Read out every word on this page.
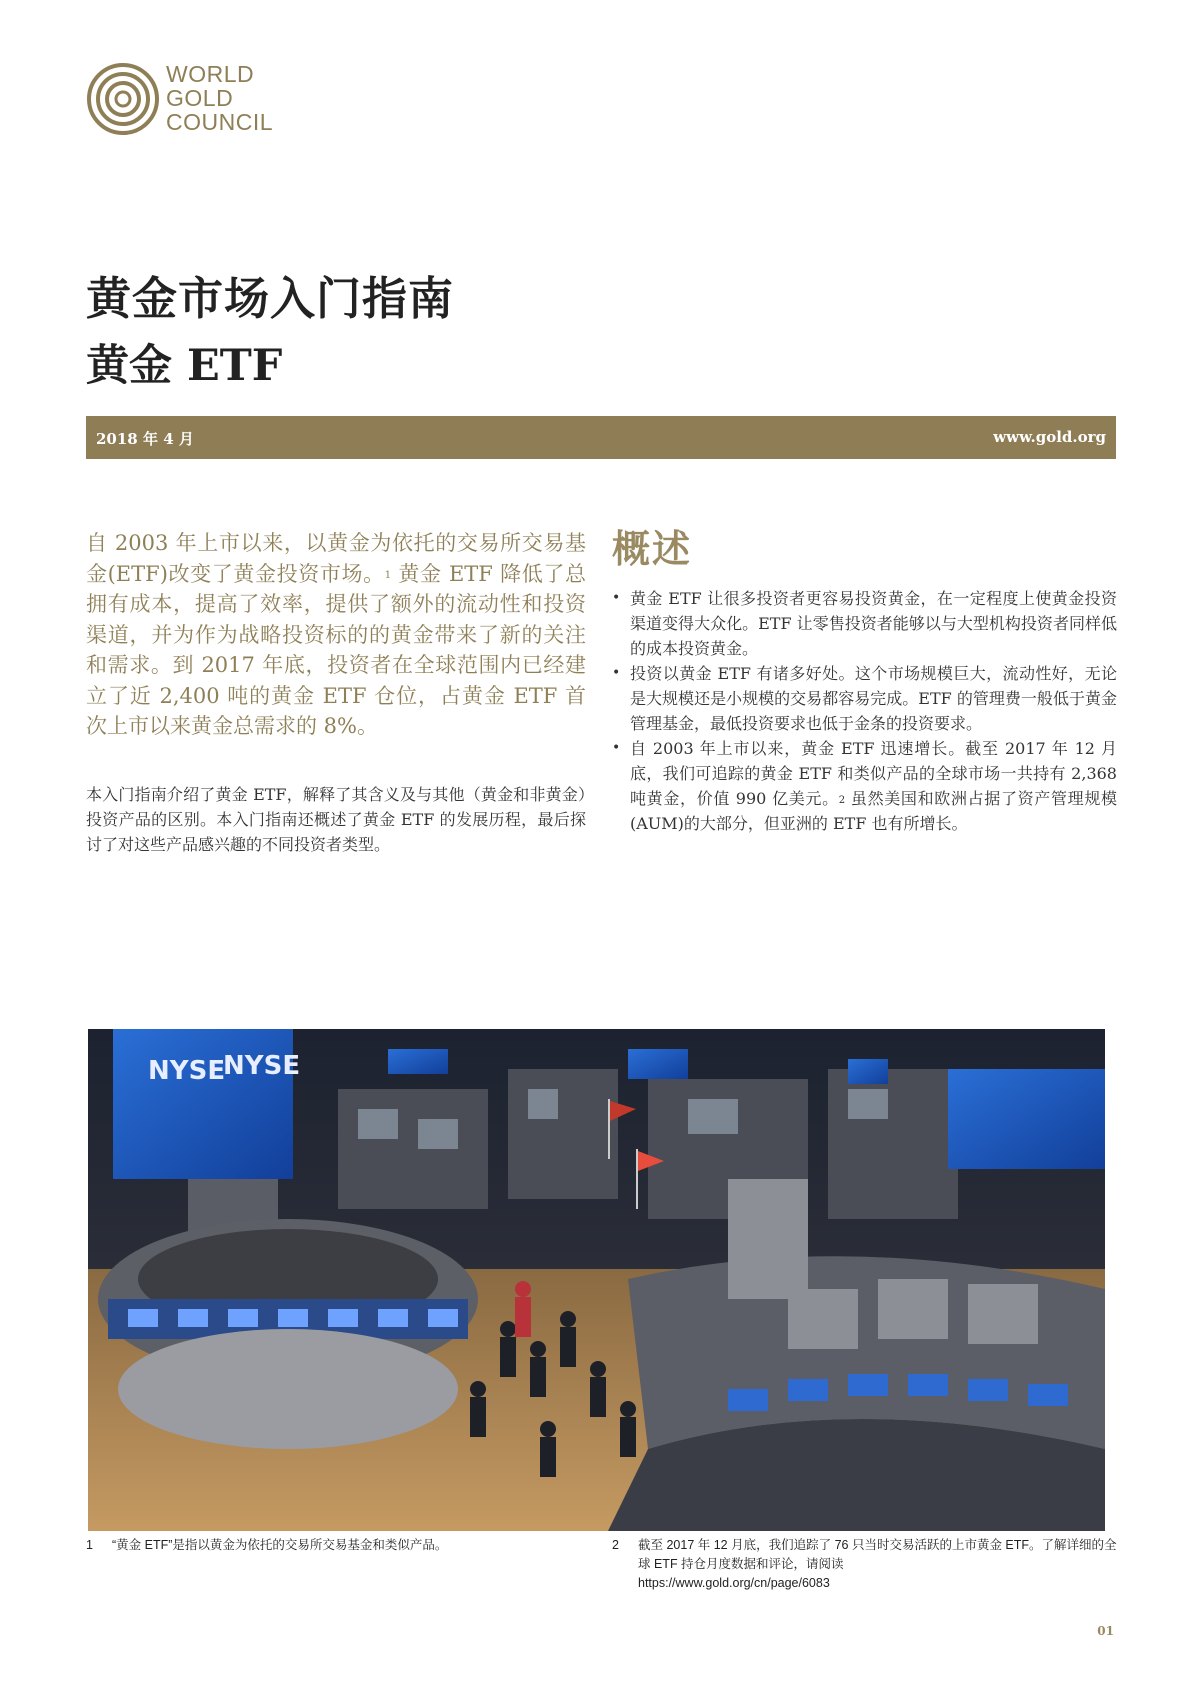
WORLD
GOLD
COUNCIL
黄金市场入门指南
黄金 ETF
2018 年 4 月	www.gold.org

自 2003 年上市以来，以黄金为依托的交易所交易基金(ETF)改变了黄金投资市场。$^1$ 黄金 ETF 降低了总拥有成本，提高了效率，提供了额外的流动性和投资渠道，并为作为战略投资标的的黄金带来了新的关注和需求。到 2017 年底，投资者在全球范围内已经建立了近 2,400 吨的黄金 ETF 仓位，占黄金 ETF 首次上市以来黄金总需求的 8%。

本入门指南介绍了黄金 ETF，解释了其含义及与其他（黄金和非黄金）投资产品的区别。本入门指南还概述了黄金 ETF 的发展历程，最后探讨了对这些产品感兴趣的不同投资者类型。

概述
• 黄金 ETF 让很多投资者更容易投资黄金，在一定程度上使黄金投资渠道变得大众化。ETF 让零售投资者能够以与大型机构投资者同样低的成本投资黄金。
• 投资以黄金 ETF 有诸多好处。这个市场规模巨大，流动性好，无论是大规模还是小规模的交易都容易完成。ETF 的管理费一般低于黄金管理基金，最低投资要求也低于金条的投资要求。
• 自 2003 年上市以来，黄金 ETF 迅速增长。截至 2017 年 12 月底，我们可追踪的黄金 ETF 和类似产品的全球市场一共持有 2,368 吨黄金，价值 990 亿美元。$^2$ 虽然美国和欧洲占据了资产管理规模(AUM)的大部分，但亚洲的 ETF 也有所增长。
NYSE
NYSE
1	“黄金 ETF”是指以黄金为依托的交易所交易基金和类似产品。	2 截至 2017 年 12 月底，我们追踪了 76 只当时交易活跃的上市黄金 ETF。了解详细的全球 ETF 持仓月度数据和评论，请阅读
https://www.gold.org/cn/page/6083
01
